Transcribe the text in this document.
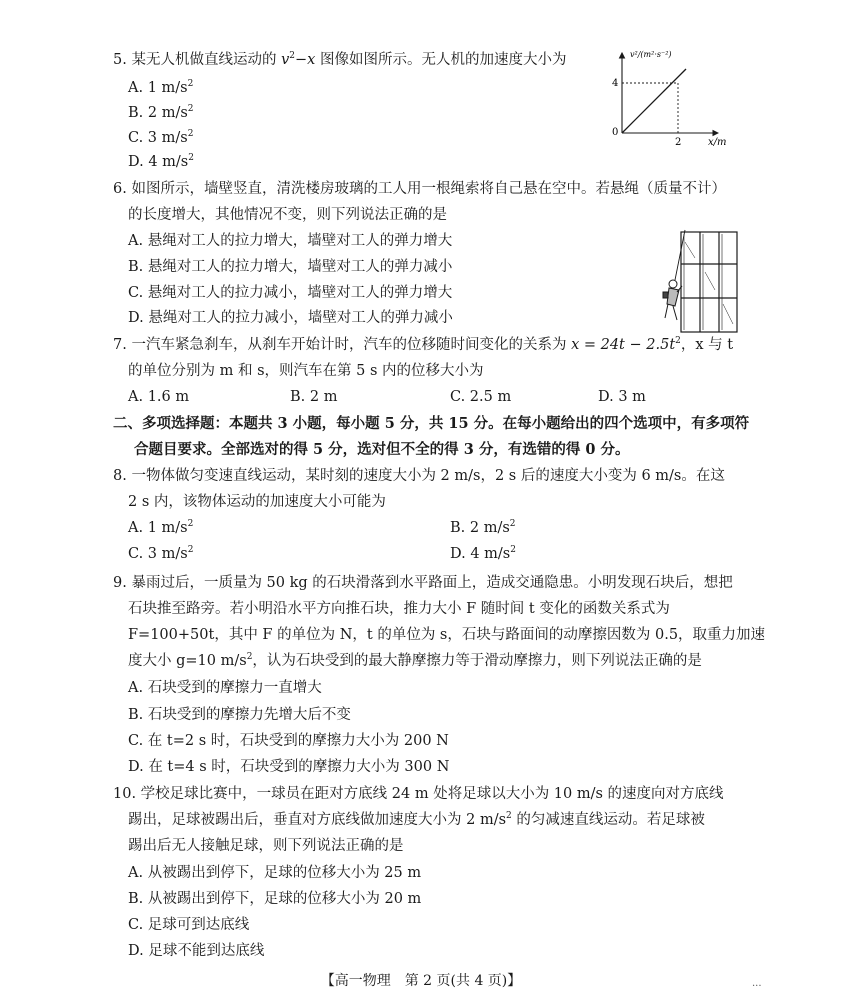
5. 某无人机做直线运动的 $v^2-x$ 图像如图所示。无人机的加速度大小为
A. 1 $m/s^2$
B. 2 $m/s^2$
C. 3 $m/s^2$
D. 4 $m/s^2$
v²/(m²·s⁻²)
4
0
2	x/m
6. 如图所示，墙壁竖直，清洗楼房玻璃的工人用一根绳索将自己悬在空中。若悬绳（质量不计）
的长度增大，其他情况不变，则下列说法正确的是
A. 悬绳对工人的拉力增大，墙壁对工人的弹力增大
B. 悬绳对工人的拉力增大，墙壁对工人的弹力减小
C. 悬绳对工人的拉力减小，墙壁对工人的弹力增大
D. 悬绳对工人的拉力减小，墙壁对工人的弹力减小
7. 一汽车紧急刹车，从刹车开始计时，汽车的位移随时间变化的关系为 $x = 24t - 2.5t^2$，x 与 t
的单位分别为 m 和 s，则汽车在第 5 s 内的位移大小为
A. 1.6 m	B. 2 m	C. 2.5 m	D. 3 m
二、多项选择题：本题共 3 小题，每小题 5 分，共 15 分。在每小题给出的四个选项中，有多项符
合题目要求。全部选对的得 5 分，选对但不全的得 3 分，有选错的得 0 分。
8. 一物体做匀变速直线运动，某时刻的速度大小为 2 m/s，2 s 后的速度大小变为 6 m/s。在这
2 s 内，该物体运动的加速度大小可能为
A. 1 $m/s^2$	B. 2 $m/s^2$
C. 3 $m/s^2$	D. 4 $m/s^2$
9. 暴雨过后，一质量为 50 kg 的石块滑落到水平路面上，造成交通隐患。小明发现石块后，想把
石块推至路旁。若小明沿水平方向推石块，推力大小 F 随时间 t 变化的函数关系式为
F=100+50t，其中 F 的单位为 N，t 的单位为 s，石块与路面间的动摩擦因数为 0.5，取重力加速
度大小 g=10 $m/s^2$，认为石块受到的最大静摩擦力等于滑动摩擦力，则下列说法正确的是
A. 石块受到的摩擦力一直增大
B. 石块受到的摩擦力先增大后不变
C. 在 t=2 s 时，石块受到的摩擦力大小为 200 N
D. 在 t=4 s 时，石块受到的摩擦力大小为 300 N
10. 学校足球比赛中，一球员在距对方底线 24 m 处将足球以大小为 10 m/s 的速度向对方底线
踢出，足球被踢出后，垂直对方底线做加速度大小为 2 $m/s^2$ 的匀减速直线运动。若足球被
踢出后无人接触足球，则下列说法正确的是
A. 从被踢出到停下，足球的位移大小为 25 m
B. 从被踢出到停下，足球的位移大小为 20 m
C. 足球可到达底线
D. 足球不能到达底线
【高一物理　第 2 页(共 4 页)】	...
